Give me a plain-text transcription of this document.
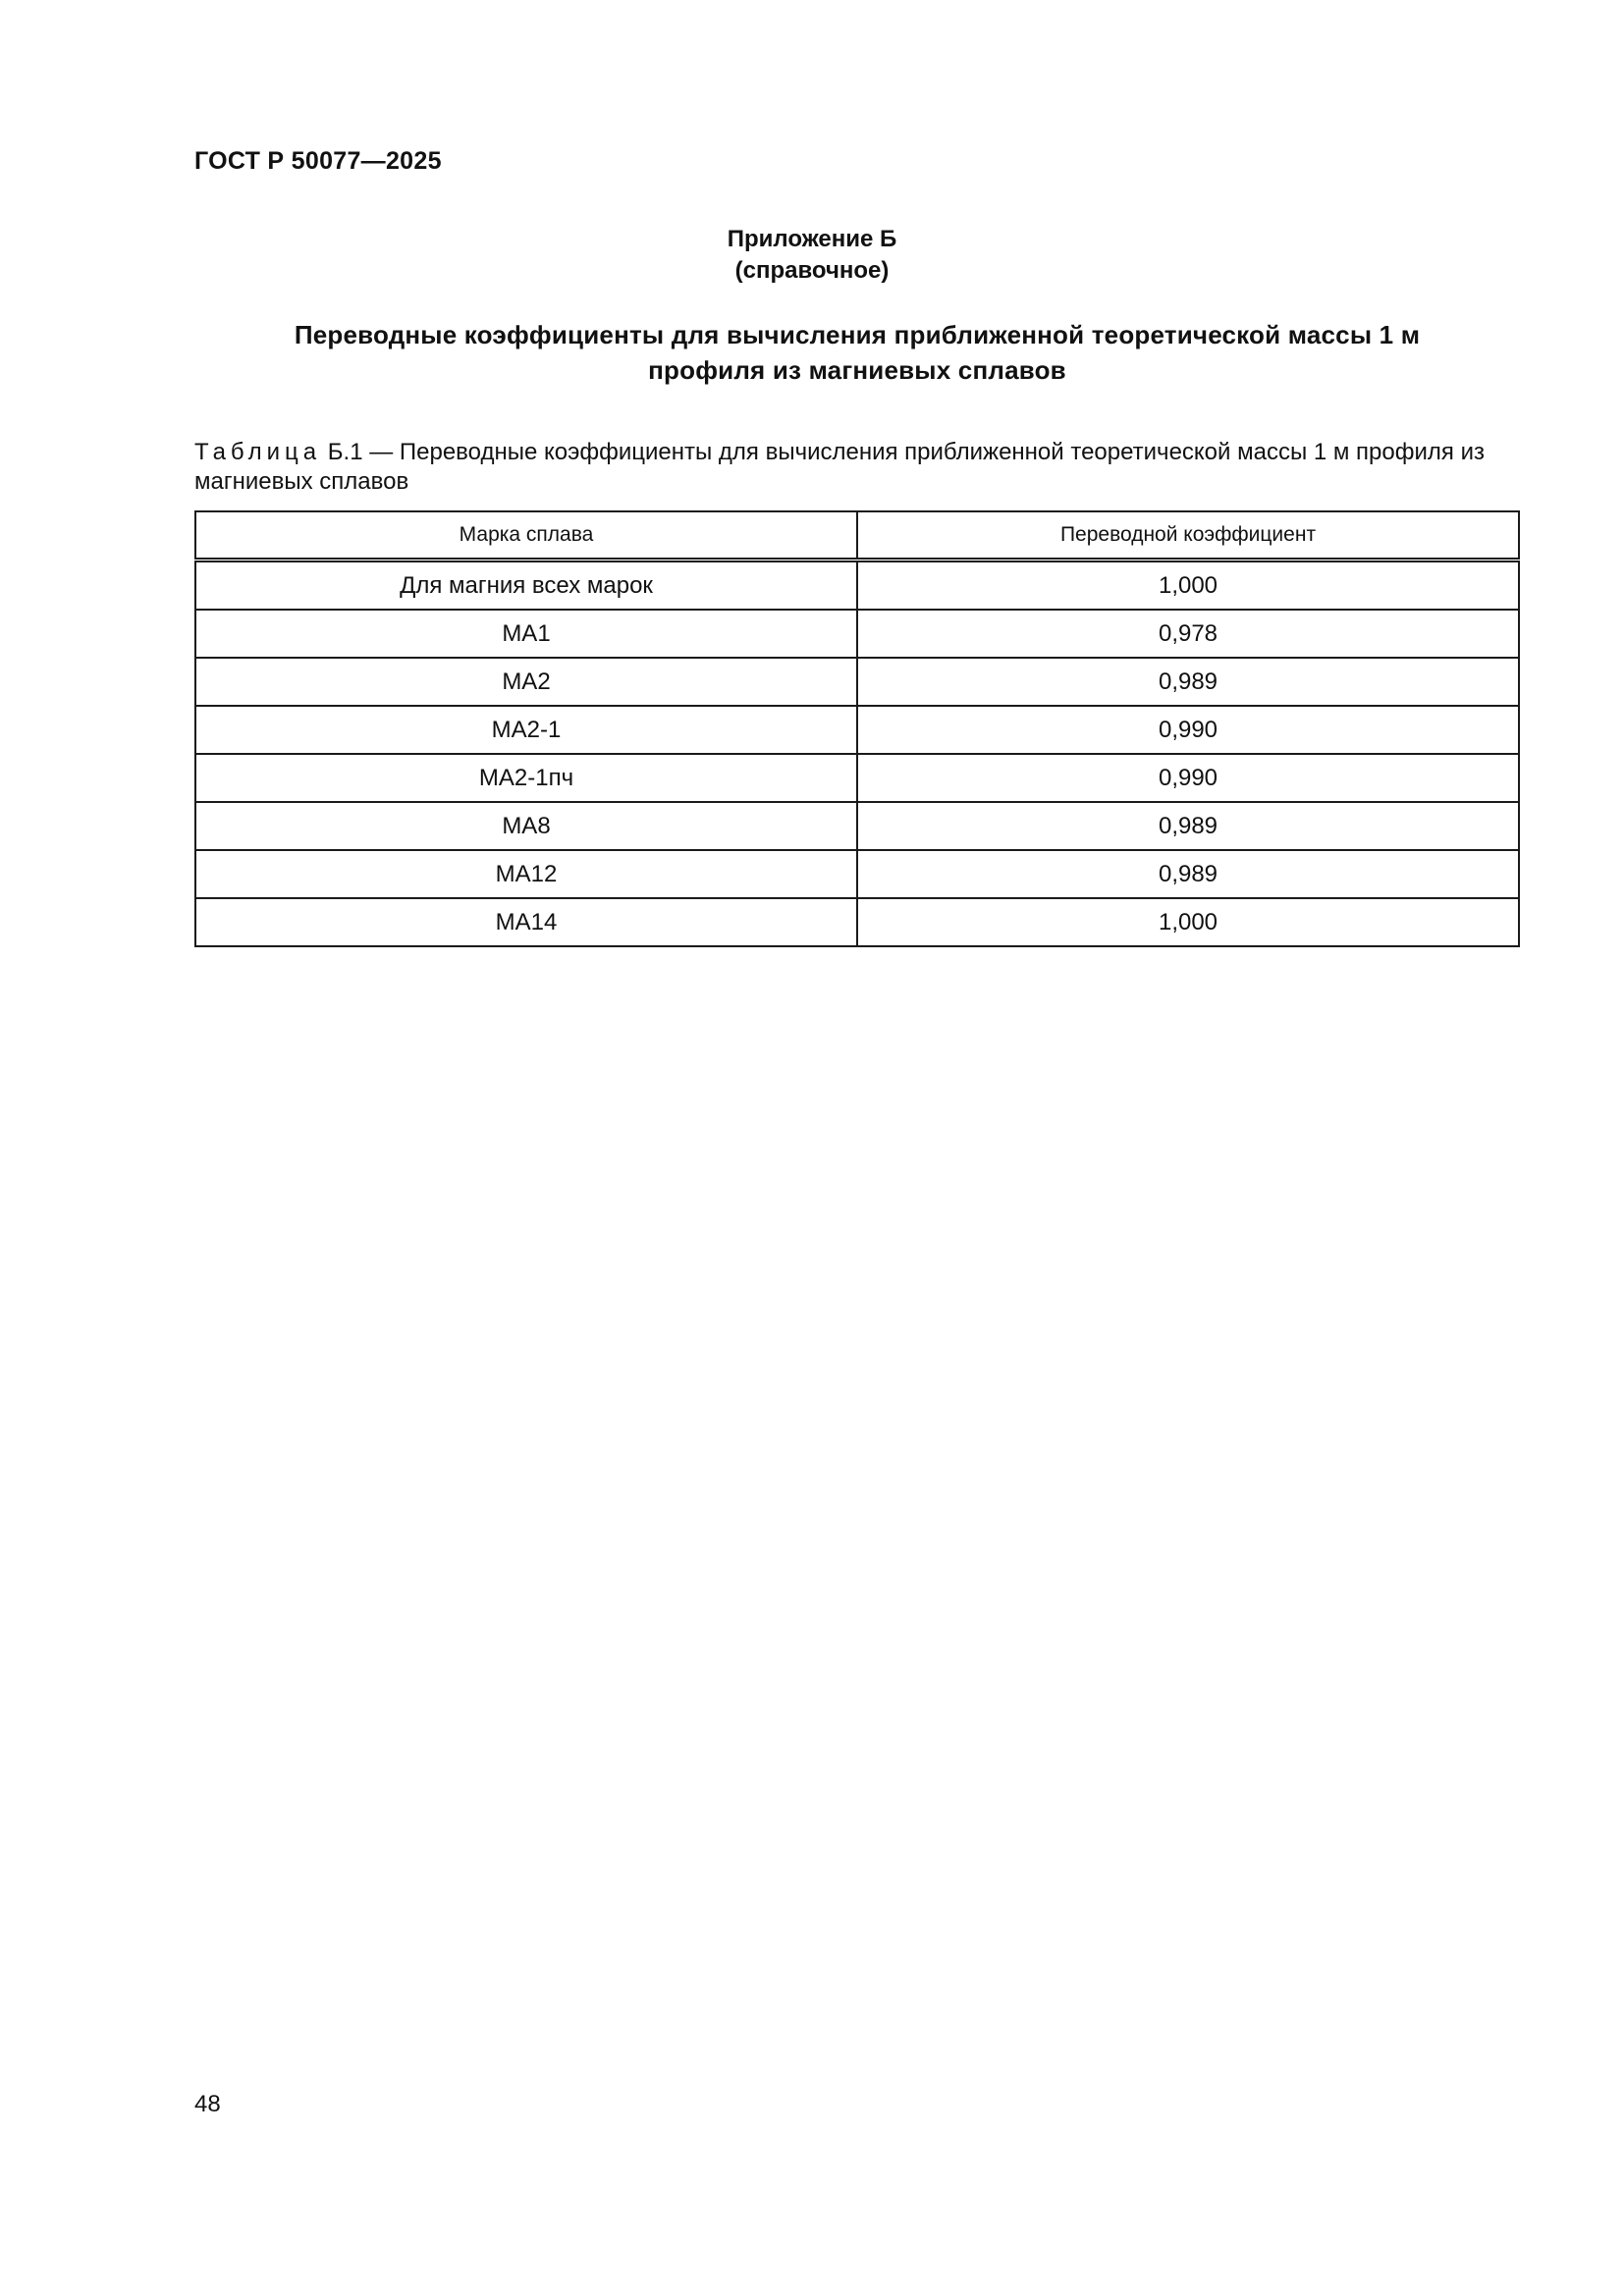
ГОСТ Р 50077—2025
Приложение Б
(справочное)
Переводные коэффициенты для вычисления приближенной теоретической массы 1 м
профиля из магниевых сплавов
Таблица Б.1 — Переводные коэффициенты для вычисления приближенной теоретической массы 1 м профиля из магниевых сплавов
Марка сплава	Переводной коэффициент
Для магния всех марок	1,000
МА1	0,978
МА2	0,989
МА2-1	0,990
МА2-1пч	0,990
МА8	0,989
МА12	0,989
МА14	1,000
48
